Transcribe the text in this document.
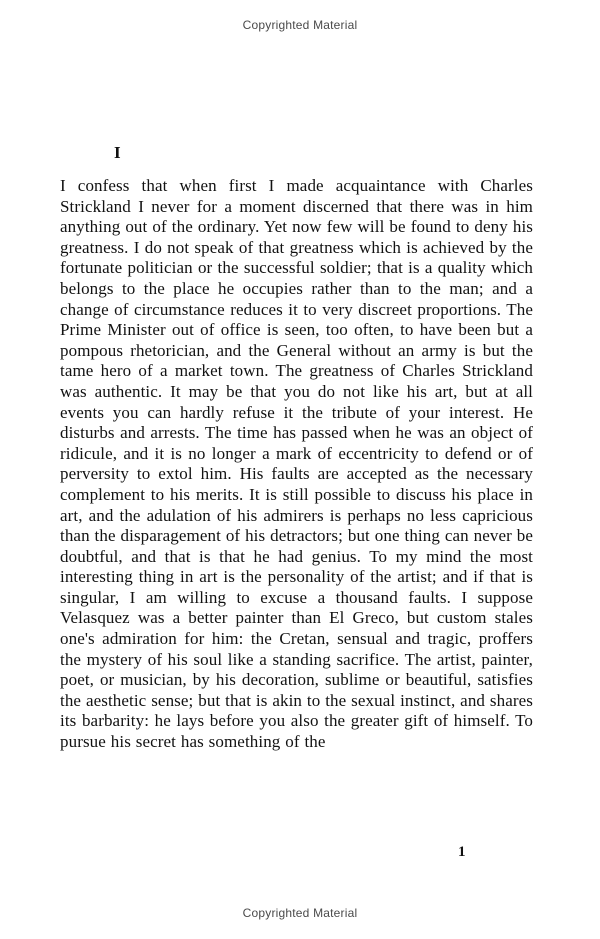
Copyrighted Material
I
I confess that when first I made acquaintance with Charles Strickland I never for a moment discerned that there was in him anything out of the ordinary. Yet now few will be found to deny his greatness. I do not speak of that greatness which is achieved by the fortunate politician or the successful soldier; that is a quality which belongs to the place he occupies rather than to the man; and a change of circumstance reduces it to very discreet proportions. The Prime Minister out of office is seen, too often, to have been but a pompous rhetorician, and the General without an army is but the tame hero of a market town. The greatness of Charles Strickland was authentic. It may be that you do not like his art, but at all events you can hardly refuse it the tribute of your interest. He disturbs and arrests. The time has passed when he was an object of ridicule, and it is no longer a mark of eccentricity to defend or of perversity to extol him. His faults are accepted as the necessary complement to his merits. It is still possible to discuss his place in art, and the adulation of his admirers is perhaps no less capricious than the disparagement of his detractors; but one thing can never be doubtful, and that is that he had genius. To my mind the most interesting thing in art is the personality of the artist; and if that is singular, I am willing to excuse a thousand faults. I suppose Velasquez was a better painter than El Greco, but custom stales one's admiration for him: the Cretan, sensual and tragic, proffers the mystery of his soul like a standing sacrifice. The artist, painter, poet, or musician, by his decoration, sublime or beautiful, satisfies the aesthetic sense; but that is akin to the sexual instinct, and shares its barbarity: he lays before you also the greater gift of himself. To pursue his secret has something of the
1
Copyrighted Material
